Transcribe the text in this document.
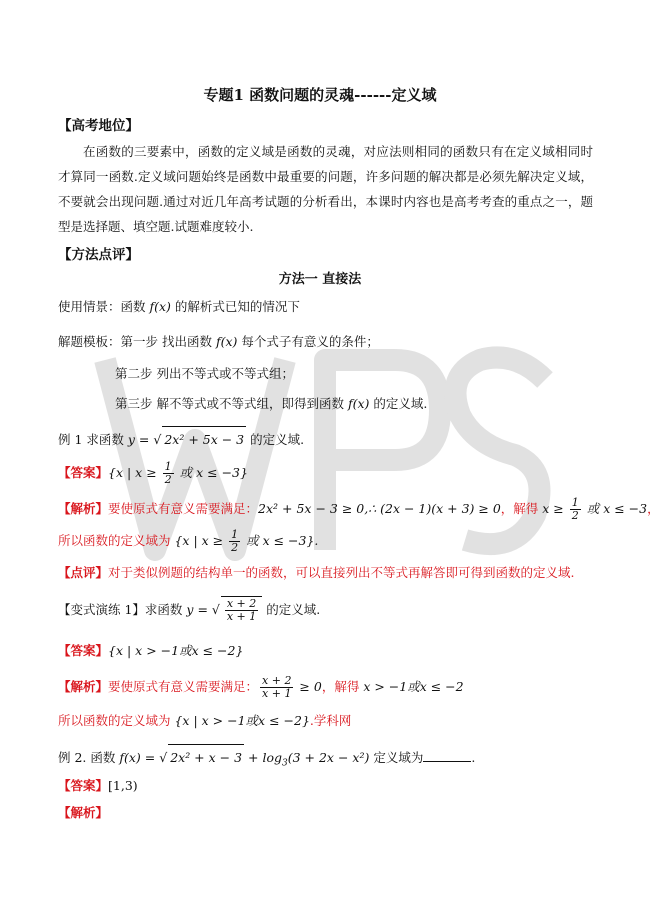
专题1 函数问题的灵魂------定义域
【高考地位】
在函数的三要素中，函数的定义域是函数的灵魂，对应法则相同的函数只有在定义域相同时才算同一函数.定义域问题始终是函数中最重要的问题，许多问题的解决都是必须先解决定义域，不要就会出现问题.通过对近几年高考试题的分析看出，本课时内容也是高考考查的重点之一，题型是选择题、填空题.试题难度较小.
【方法点评】
方法一 直接法
使用情景：函数 f(x) 的解析式已知的情况下
解题模板：第一步 找出函数 f(x) 每个式子有意义的条件；
第二步 列出不等式或不等式组；
第三步 解不等式或不等式组，即得到函数 f(x) 的定义域.
例 1 求函数 y = √ 2x² + 5x − 3 的定义域.
【答案】{x | $x \ge \frac{1}{2}$ 或 x ≤ −3}
【解析】要使原式有意义需要满足：2x² + 5x − 3 ≥ 0,∴ (2x − 1)(x + 3) ≥ 0，解得 $x \ge \frac{1}{2}$ 或 x ≤ −3，
所以函数的定义域为 {x | $x \ge \frac{1}{2}$ 或 x ≤ −3}.
【点评】对于类似例题的结构单一的函数，可以直接列出不等式再解答即可得到函数的定义域.
【变式演练 1】求函数 y = √ $\frac{x + 2}{x + 1}$ 的定义域.
【答案】{x | x > −1或x ≤ −2}
【解析】要使原式有意义需要满足： $\frac{x + 2}{x + 1} \ge 0$，解得 x > −1或x ≤ −2
所以函数的定义域为 {x | x > −1或x ≤ −2}.学科网
例 2. 函数 f(x) = √ $2x^2 + x - 3 + \log_3(3 + 2x - x^2)$ 定义域为	.
【答案】[1,3)
【解析】
